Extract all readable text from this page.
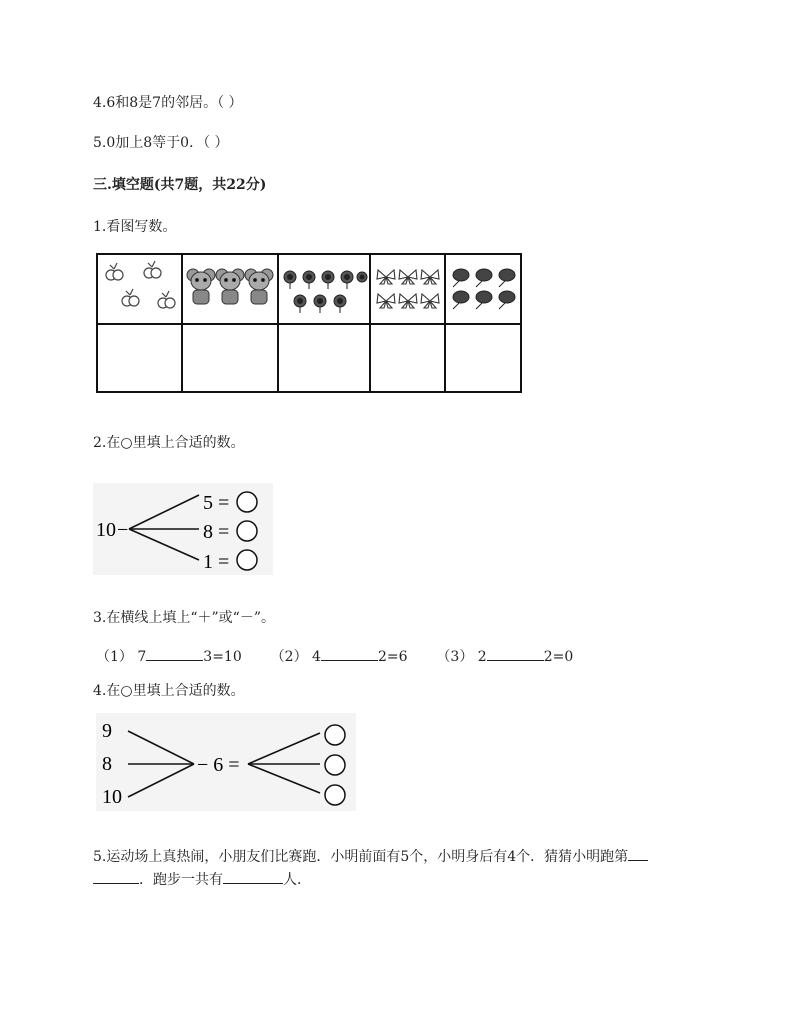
4.6和8是7的邻居。（ ）
5.0加上8等于0．（ ）
三.填空题(共7题，共22分)
1.看图写数。

2.在○里填上合适的数。
10 −
5
8
1
=
=
=
3.在横线上填上“＋”或“－”。
（1） 7	3=10 （2） 4	2=6 （3） 2	2=0
4.在○里填上合适的数。
9
8
10
− 6 =
5.运动场上真热闹，小朋友们比赛跑．小明前面有5个，小明身后有4个．猜猜小明跑第
．跑步一共有	人．
